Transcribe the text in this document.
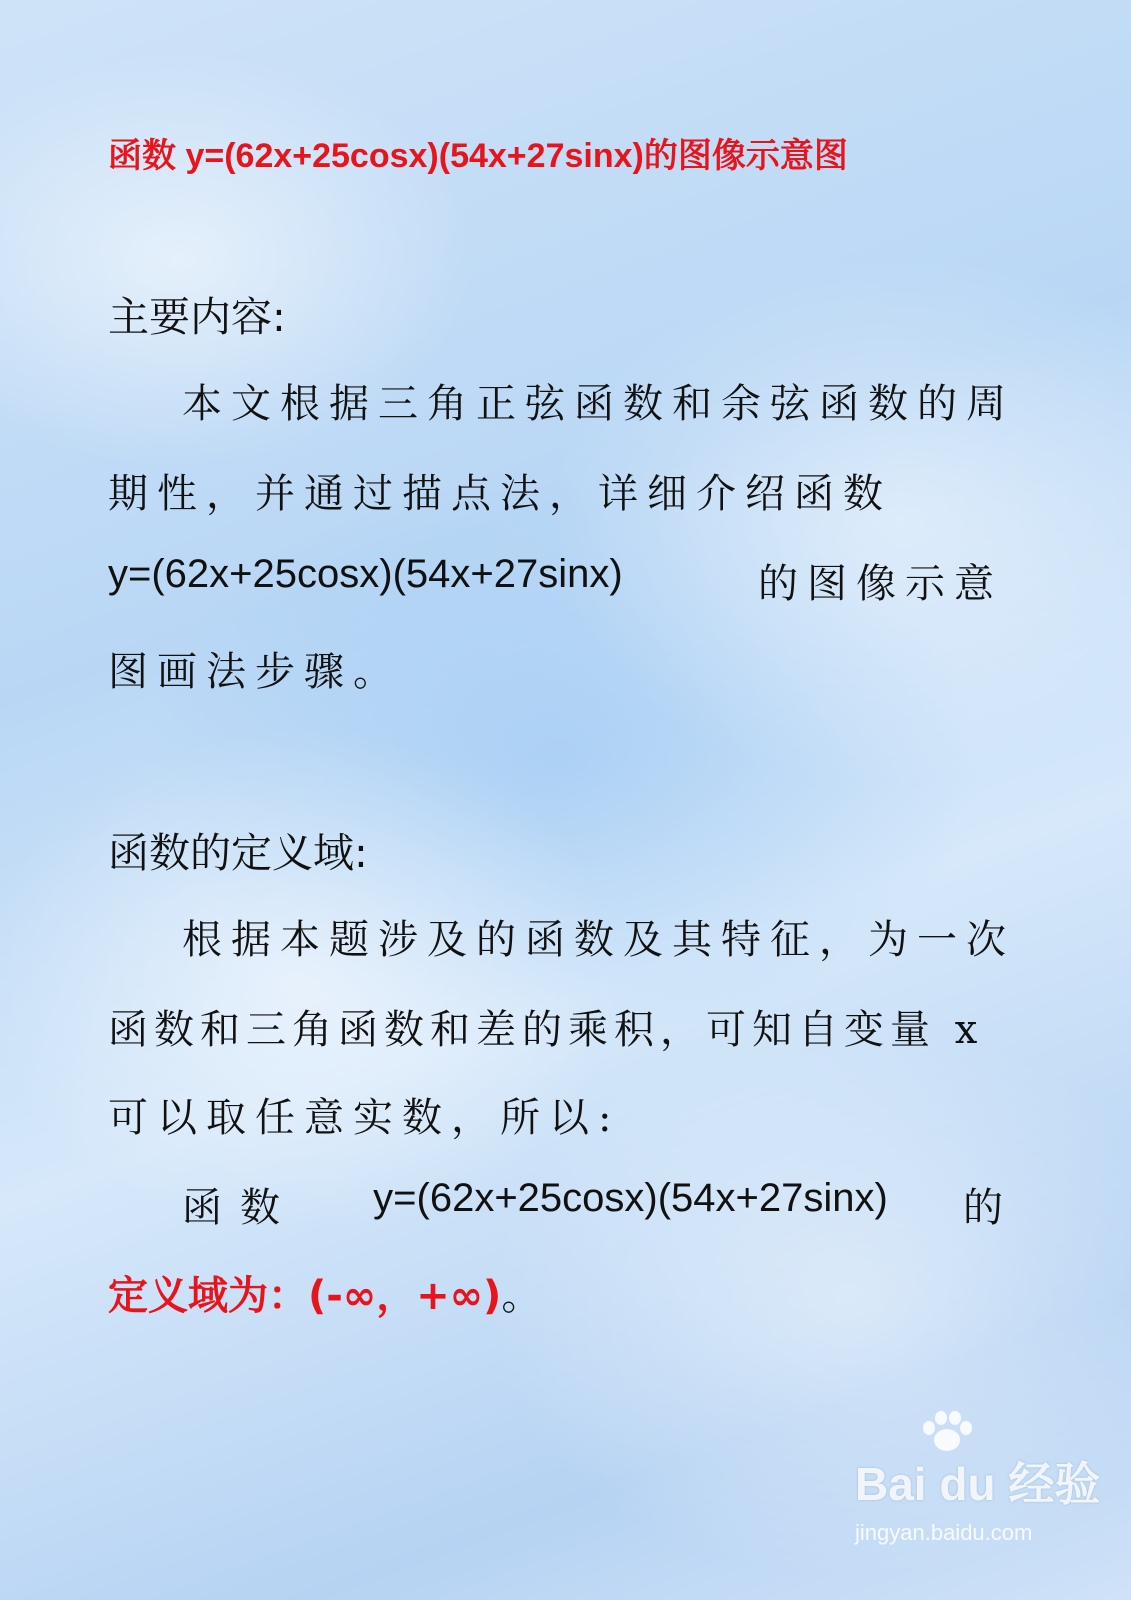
函数 y=(62x+25cosx)(54x+27sinx)的图像示意图
主要内容:
本文根据三角正弦函数和余弦函数的周
期性，并通过描点法，详细介绍函数
y=(62x+25cosx)(54x+27sinx)	的图像示意
图画法步骤。
函数的定义域:
根据本题涉及的函数及其特征，为一次
函数和三角函数和差的乘积，可知自变量 x
可以取任意实数，所以:
函数 y=(62x+25cosx)(54x+27sinx) 的
定义域为：(-∞，+∞)。
Bai du 经验
jingyan.baidu.com
